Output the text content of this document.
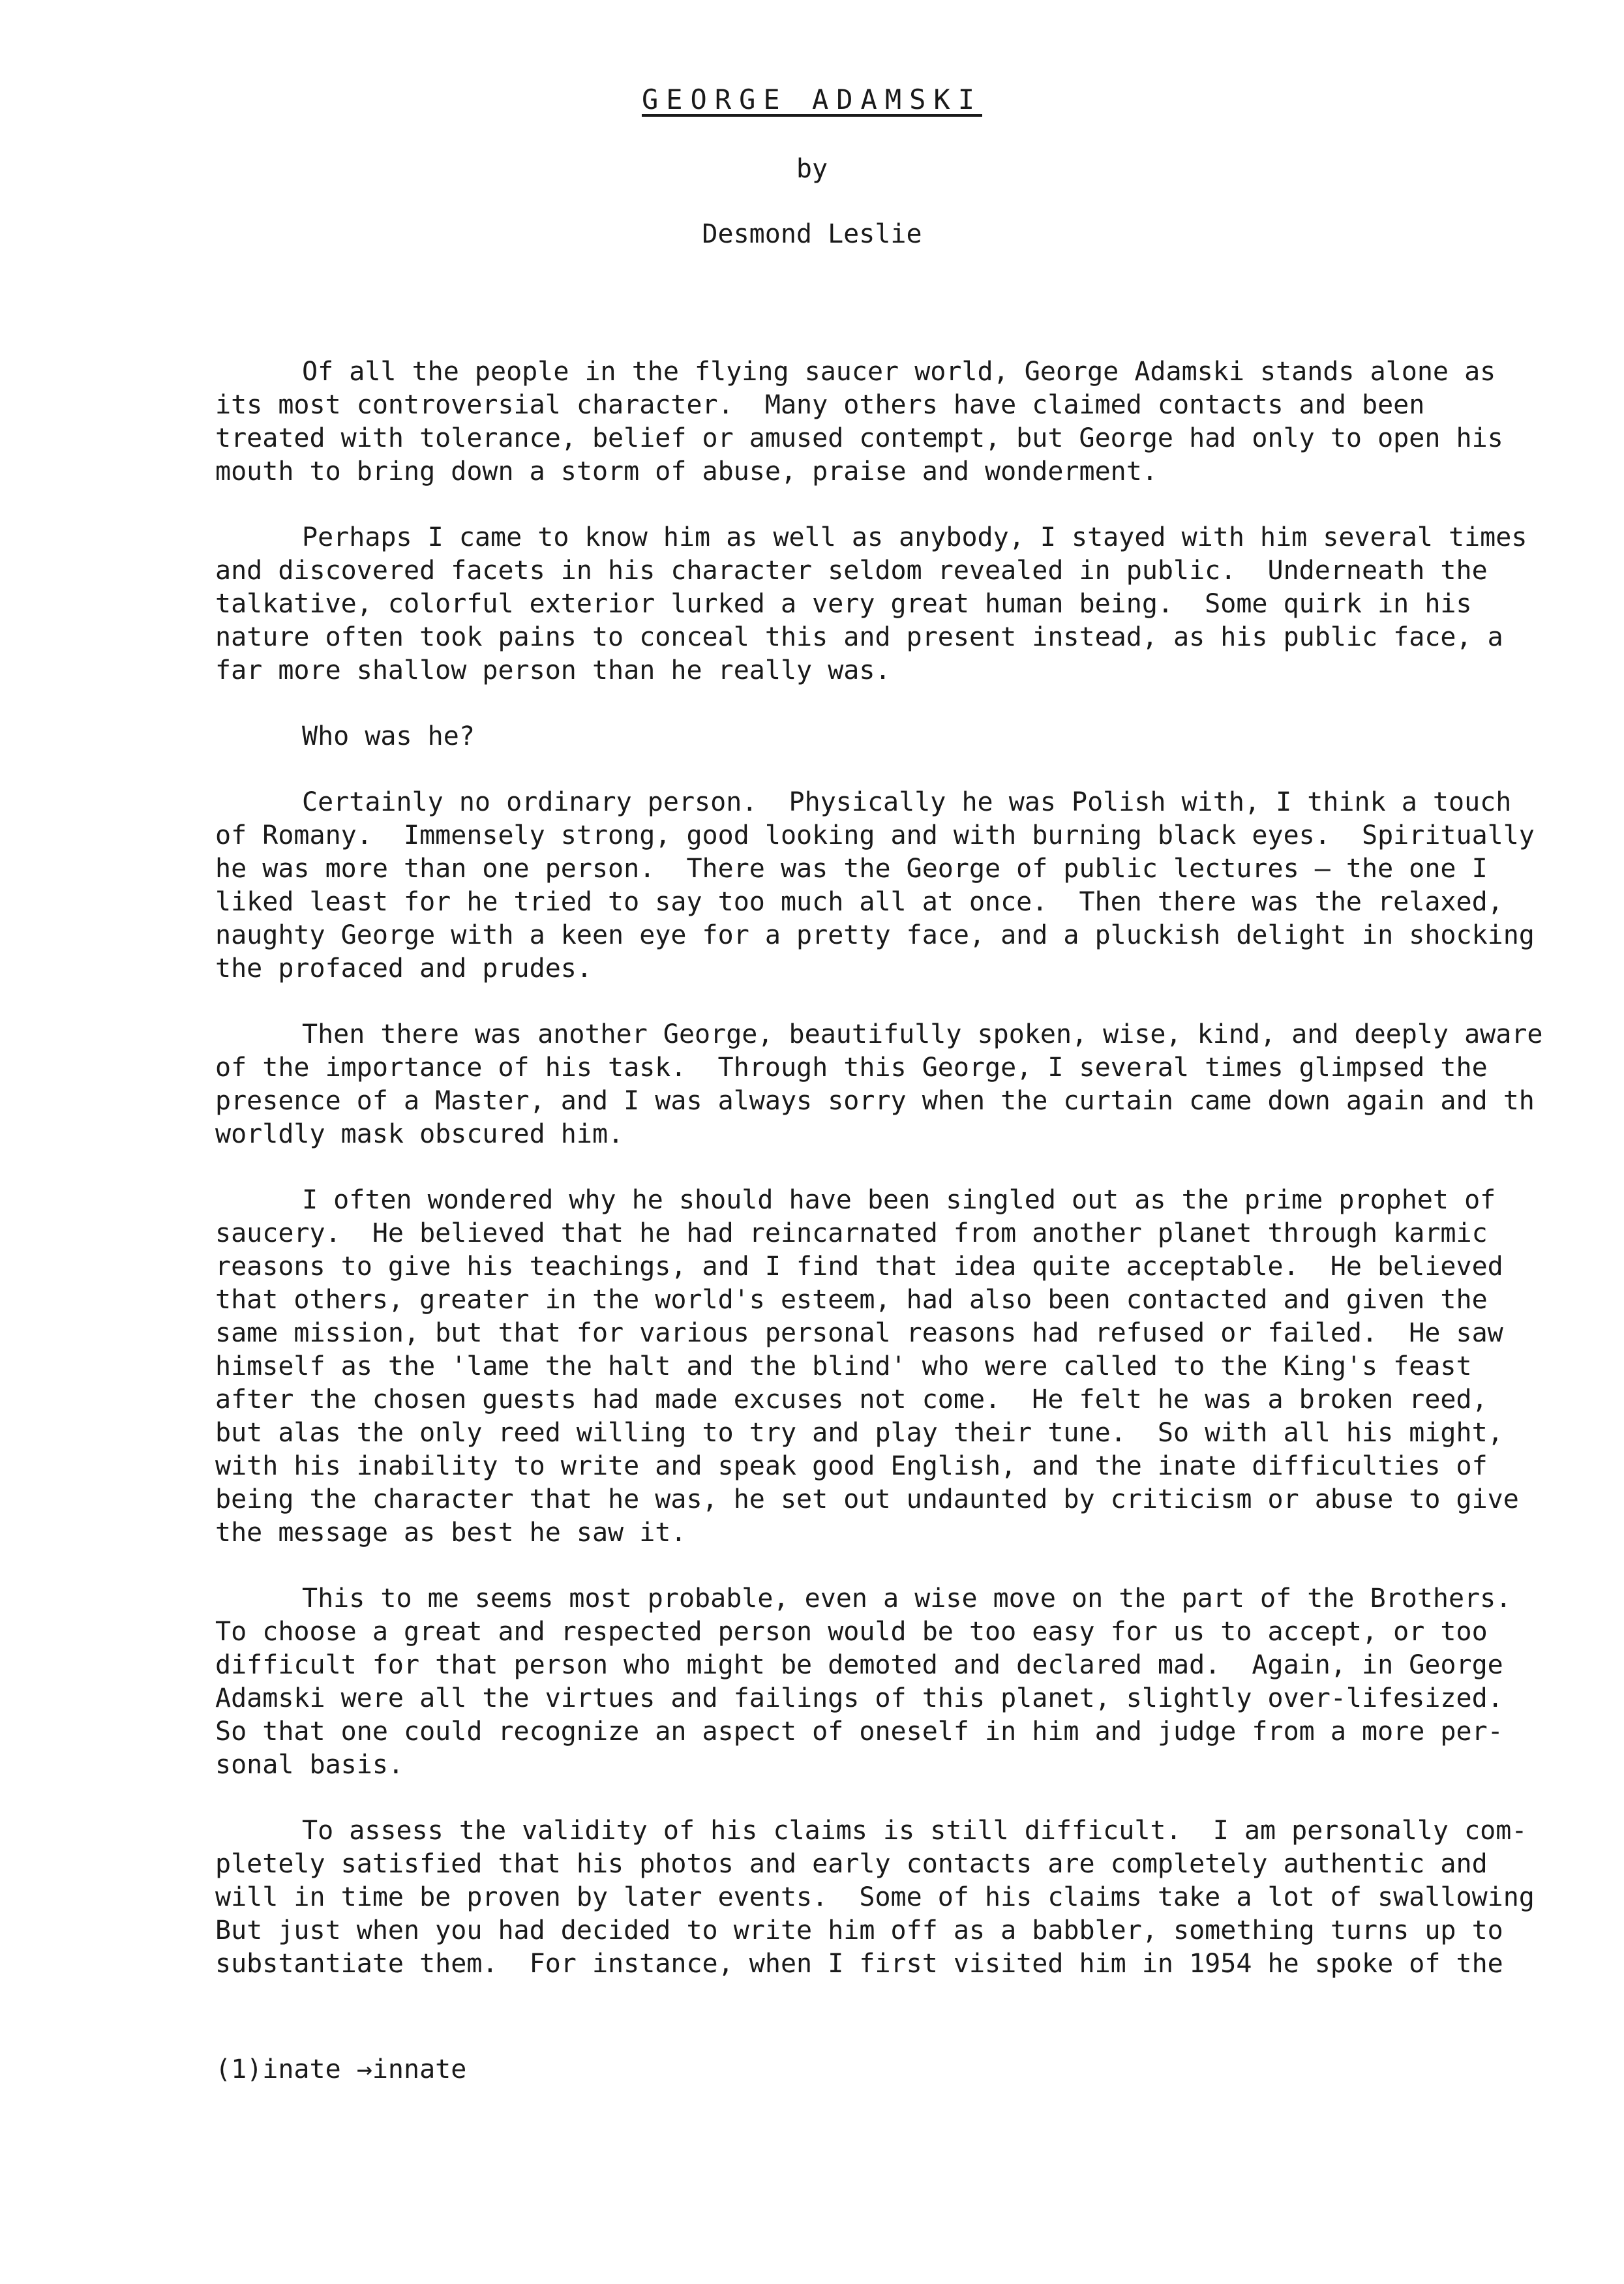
GEORGE ADAMSKI
by
Desmond Leslie
Of all the people in the flying saucer world, George Adamski stands alone as
its most controversial character.  Many others have claimed contacts and been
treated with tolerance, belief or amused contempt, but George had only to open his
mouth to bring down a storm of abuse, praise and wonderment.
Perhaps I came to know him as well as anybody, I stayed with him several times
and discovered facets in his character seldom revealed in public.  Underneath the
talkative, colorful exterior lurked a very great human being.  Some quirk in his
nature often took pains to conceal this and present instead, as his public face, a
far more shallow person than he really was.
Who was he?
Certainly no ordinary person.  Physically he was Polish with, I think a touch
of Romany.  Immensely strong, good looking and with burning black eyes.  Spiritually
he was more than one person.  There was the George of public lectures — the one I
liked least for he tried to say too much all at once.  Then there was the relaxed,
naughty George with a keen eye for a pretty face, and a pluckish delight in shocking
the profaced and prudes.
Then there was another George, beautifully spoken, wise, kind, and deeply aware
of the importance of his task.  Through this George, I several times glimpsed the
presence of a Master, and I was always sorry when the curtain came down again and th
worldly mask obscured him.
I often wondered why he should have been singled out as the prime prophet of
saucery.  He believed that he had reincarnated from another planet through karmic
reasons to give his teachings, and I find that idea quite acceptable.  He believed
that others, greater in the world's esteem, had also been contacted and given the
same mission, but that for various personal reasons had refused or failed.  He saw
himself as the 'lame the halt and the blind' who were called to the King's feast
after the chosen guests had made excuses not come.  He felt he was a broken reed,
but alas the only reed willing to try and play their tune.  So with all his might,
with his inability to write and speak good English, and the inate difficulties of
being the character that he was, he set out undaunted by criticism or abuse to give
the message as best he saw it.
This to me seems most probable, even a wise move on the part of the Brothers.
To choose a great and respected person would be too easy for us to accept, or too
difficult for that person who might be demoted and declared mad.  Again, in George
Adamski were all the virtues and failings of this planet, slightly over-lifesized.
So that one could recognize an aspect of oneself in him and judge from a more per-
sonal basis.
To assess the validity of his claims is still difficult.  I am personally com-
pletely satisfied that his photos and early contacts are completely authentic and
will in time be proven by later events.  Some of his claims take a lot of swallowing
But just when you had decided to write him off as a babbler, something turns up to
substantiate them.  For instance, when I first visited him in 1954 he spoke of the
(1)inate →innate
